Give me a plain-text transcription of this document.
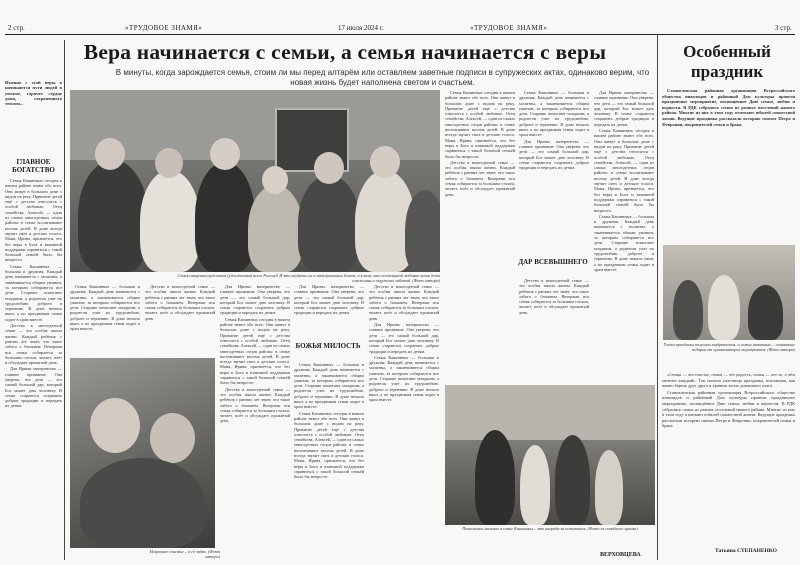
2 стр.	«ТРУДОВОЕ ЗНАМЯ»	17 июля 2024 г.	«ТРУДОВОЕ ЗНАМЯ»	3 стр.
Вера начинается с семьи, а семья начинается с веры
В минуты, когда зарождается семья, стоим ли мы перед алтарём или оставляем заветные подписи в супружеских актах, одинаково верим, что новая жизнь будет наполнена светом и счастьем.
Именно с этой веры в начинаются пути людей в уютное, горячее сердце дома, сохраненного теплом...
ГЛАВНОЕ БОГАТСТВО

Семья Кашинных сегодня в нашем районе знают обо всех. Они живут в большом доме с видом на реку. Привитие детей ещё с детства относится с особой любовью. Отец семейства, Алексей, — один из самых многодетных отцов района: в семье воспитывают восемь детей. В доме всегда звучит смех и детские голоса. Мама, Ирина, признаётся, что без веры в Бога и взаимной поддержки справиться с такой большой семьёй было бы непросто.

Семья Кашинных — большая и дружная. Каждый день начинается с молитвы, а заканчивается общим ужином, за которым собираются все дети. Старшие помогают младшим, а родители учат их трудолюбию, доброте и терпению. В доме немало икон, а по праздникам семья ходит в храм вместе.

Детство в многодетной семье — это особая школа жизни. Каждый ребёнок с ранних лет знает, что такое забота о ближнем. Вечерами вся семья собирается за большим столом, читает, поёт и обсуждает прожитый день.

Для Ирины материнство — главное призвание. Она уверена, что дети — это самый большой дар, который Бог может дать человеку. В семье стараются сохранить добрые традиции и передать их детям.

Семья священнослужителя (удостоенной всего Россия)! И это неудачно не в материальных благах, а в том, что постоянной любовью наши дети счастливы и окружены заботой. (Фото автора)

Семья Кашинных — большая и дружная. Каждый день начинается с молитвы, а заканчивается общим ужином, за которым собираются все дети. Старшие помогают младшим, а родители учат их трудолюбию, доброте и терпению. В доме немало икон, а по праздникам семья ходит в храм вместе.

Детство в многодетной семье — это особая школа жизни. Каждый ребёнок с ранних лет знает, что такое забота о ближнем. Вечерами вся семья собирается за большим столом, читает, поёт и обсуждает прожитый день.

Для Ирины материнство — главное призвание. Она уверена, что дети — это самый большой дар, который Бог может дать человеку. В семье стараются сохранить добрые традиции и передать их детям.

Семья Кашинных сегодня в нашем районе знают обо всех. Они живут в большом доме с видом на реку. Привитие детей ещё с детства относится с особой любовью. Отец семейства, Алексей, — один из самых многодетных отцов района: в семье воспитывают восемь детей. В доме всегда звучит смех и детские голоса. Мама, Ирина, признаётся, что без веры в Бога и взаимной поддержки справиться с такой большой семьёй было бы непросто.

Детство в многодетной семье — это особая школа жизни. Каждый ребёнок с ранних лет знает, что такое забота о ближнем. Вечерами вся семья собирается за большим столом, читает, поёт и обсуждает прожитый день.

Искреннее счастье – в её чадах. (Фото автора)
БОЖЬЯ МИЛОСТЬ

Для Ирины материнство — главное призвание. Она уверена, что дети — это самый большой дар, который Бог может дать человеку. В семье стараются сохранить добрые традиции и передать их детям.

Семья Кашинных — большая и дружная. Каждый день начинается с молитвы, а заканчивается общим ужином, за которым собираются все дети. Старшие помогают младшим, а родители учат их трудолюбию, доброте и терпению. В доме немало икон, а по праздникам семья ходит в храм вместе.

Семья Кашинных сегодня в нашем районе знают обо всех. Они живут в большом доме с видом на реку. Привитие детей ещё с детства относится с особой любовью. Отец семейства, Алексей, — один из самых многодетных отцов района: в семье воспитывают восемь детей. В доме всегда звучит смех и детские голоса. Мама, Ирина, признаётся, что без веры в Бога и взаимной поддержки справиться с такой большой семьёй было бы непросто.

Детство в многодетной семье — это особая школа жизни. Каждый ребёнок с ранних лет знает, что такое забота о ближнем. Вечерами вся семья собирается за большим столом, читает, поёт и обсуждает прожитый день.

Для Ирины материнство — главное призвание. Она уверена, что дети — это самый большой дар, который Бог может дать человеку. В семье стараются сохранить добрые традиции и передать их детям.

Семья Кашинных — большая и дружная. Каждый день начинается с молитвы, а заканчивается общим ужином, за которым собираются все дети. Старшие помогают младшим, а родители учат их трудолюбию, доброте и терпению. В доме немало икон, а по праздникам семья ходит в храм вместе.

Семья Кашинных сегодня в нашем районе знают обо всех. Они живут в большом доме с видом на реку. Привитие детей ещё с детства относится с особой любовью. Отец семейства, Алексей, — один из самых многодетных отцов района: в семье воспитывают восемь детей. В доме всегда звучит смех и детские голоса. Мама, Ирина, признаётся, что без веры в Бога и взаимной поддержки справиться с такой большой семьёй было бы непросто.

Детство в многодетной семье — это особая школа жизни. Каждый ребёнок с ранних лет знает, что такое забота о ближнем. Вечерами вся семья собирается за большим столом, читает, поёт и обсуждает прожитый день.

Семья Кашинных — большая и дружная. Каждый день начинается с молитвы, а заканчивается общим ужином, за которым собираются все дети. Старшие помогают младшим, а родители учат их трудолюбию, доброте и терпению. В доме немало икон, а по праздникам семья ходит в храм вместе.

Для Ирины материнство — главное призвание. Она уверена, что дети — это самый большой дар, который Бог может дать человеку. В семье стараются сохранить добрые традиции и передать их детям.

ДАР ВСЕВЫШНЕГО

Детство в многодетной семье — это особая школа жизни. Каждый ребёнок с ранних лет знает, что такое забота о ближнем. Вечерами вся семья собирается за большим столом, читает, поёт и обсуждает прожитый день.

Для Ирины материнство — главное призвание. Она уверена, что дети — это самый большой дар, который Бог может дать человеку. В семье стараются сохранить добрые традиции и передать их детям.

Семья Кашинных сегодня в нашем районе знают обо всех. Они живут в большом доме с видом на реку. Привитие детей ещё с детства относится с особой любовью. Отец семейства, Алексей, — один из самых многодетных отцов района: в семье воспитывают восемь детей. В доме всегда звучит смех и детские голоса. Мама, Ирина, признаётся, что без веры в Бога и взаимной поддержки справиться с такой большой семьёй было бы непросто.

Семья Кашинных — большая и дружная. Каждый день начинается с молитвы, а заканчивается общим ужином, за которым собираются все дети. Старшие помогают младшим, а родители учат их трудолюбию, доброте и терпению. В доме немало икон, а по праздникам семья ходит в храм вместе.

Помолились малыши в семье Кашинных – это награда за испытания. (Фото из семейного архива)
ВЕРХОВЦЕВА
Особенный праздник

Становленская районная организация Всероссийского общества инвалидов и районный Дом культуры провели праздничное мероприятие, посвящённое Дню семьи, любви и верности. В РДК собрались семьи из разных поселений нашего района. Многие из них в этом году отмечают юбилей совместной жизни. Ведущие праздника рассказали историю святых Петра и Февронии, покровителей семьи и брака.

Гости праздника получили поздравления, а самые активные — памятные подарки от организаторов мероприятия. (Фото автора)

«Семья — это счастье, семья — это радость, семья — это то, о чём мечтает каждый». Так сказала участница праздника, вспоминая, как важно беречь друг друга и хранить тепло домашнего очага.

Становленская районная организация Всероссийского общества инвалидов и районный Дом культуры провели праздничное мероприятие, посвящённое Дню семьи, любви и верности. В РДК собрались семьи из разных поселений нашего района. Многие из них в этом году отмечают юбилей совместной жизни. Ведущие праздника рассказали историю святых Петра и Февронии, покровителей семьи и брака.

Татьяна СТЕПАНЕНКО
